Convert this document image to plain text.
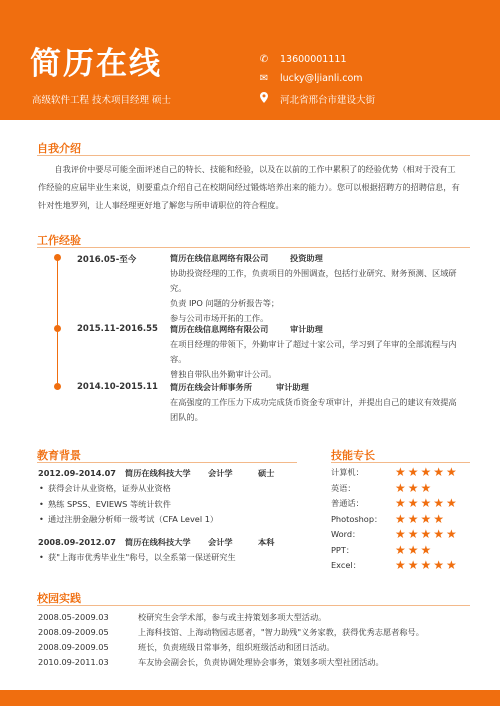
简历在线
高级软件工程 技术项目经理 硕士
✆ 13600001111
✉ lucky@ljianli.com
河北省邢台市建设大街
自我介绍

自我评价中要尽可能全面评述自己的特长、技能和经验，以及在以前的工作中累积了的经验优势（相对于没有工

作经验的应届毕业生来说，则要重点介绍自己在校期间经过锻炼培养出来的能力）。您可以根据招聘方的招聘信息，有
针对性地罗列，让人事经理更好地了解您与所申请职位的符合程度。
工作经验
2016.05-至今	简历在线信息网络有限公司	投资助理
协助投资经理的工作，负责项目的外围调查，包括行业研究、财务预测、区域研
究。
负责 IPO 问题的分析报告等；
参与公司市场开拓的工作。
2015.11-2016.55 简历在线信息网络有限公司	审计助理
在项目经理的带领下，外勤审计了超过十家公司，学习到了年审的全部流程与内
容。
曾独自带队出外勤审计公司。
2014.10-2015.11 简历在线会计师事务所	审计助理
在高强度的工作压力下成功完成货币资金专项审计，并提出自己的建议有效提高
团队的。
教育背景
2012.09-2014.07 简历在线科技大学 会计学	硕士
• 获得会计从业资格，证券从业资格
• 熟练 SPSS、EVIEWS 等统计软件
• 通过注册金融分析师一级考试（CFA Level 1）
2008.09-2012.07 简历在线科技大学 会计学	本科
• 获"上海市优秀毕业生"称号，以全系第一保送研究生
技能专长
计算机：	★★★★★
英语：	★★★
普通话：	★★★★★
Photoshop：	★★★★
Word：	★★★★★
PPT：	★★★
Excel：	★★★★★
校园实践
2008.05-2009.03	校研究生会学术部，参与或主持策划多项大型活动。
2008.09-2009.05	上海科技馆、上海动物园志愿者，"智力助残"义务家教，获得优秀志愿者称号。
2008.09-2009.05	班长，负责班级日常事务，组织班级活动和团日活动。
2010.09-2011.03	车友协会副会长，负责协调处理协会事务，策划多项大型社团活动。
